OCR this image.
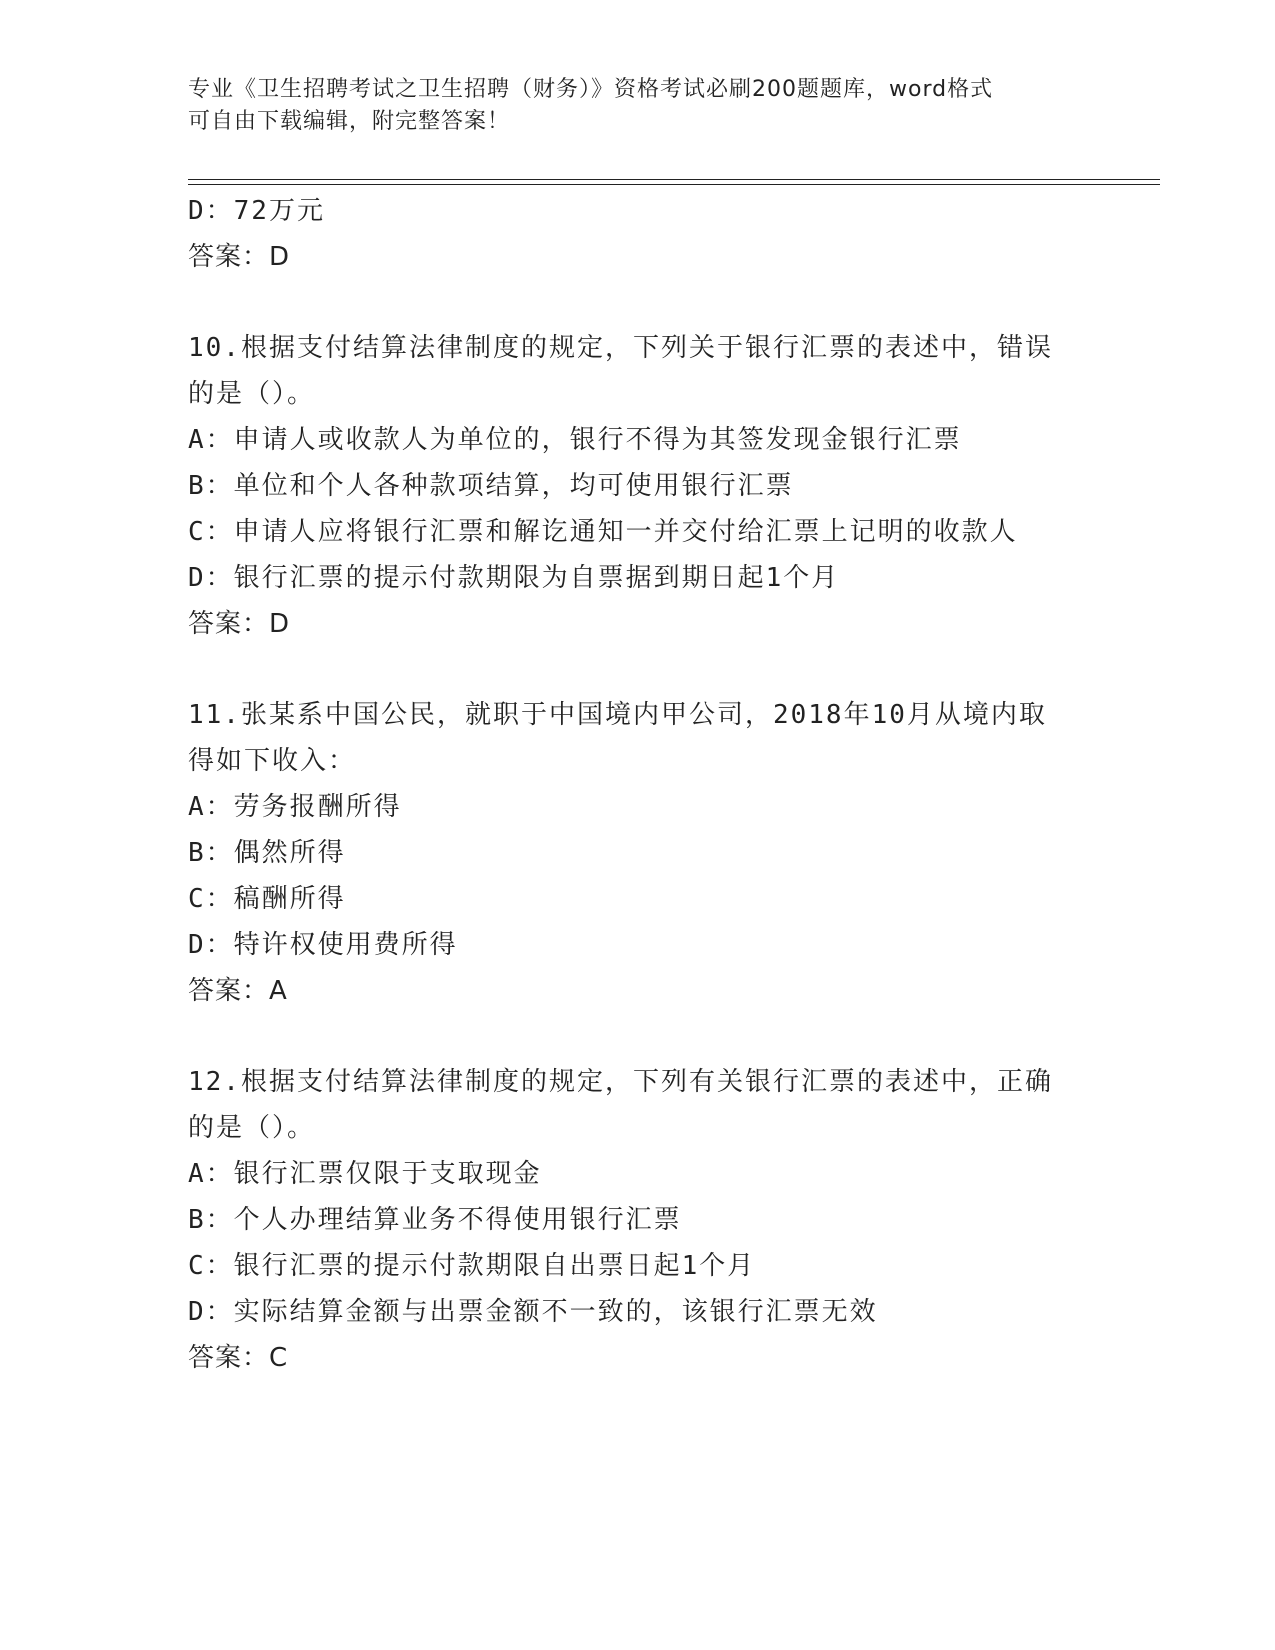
专业《卫生招聘考试之卫生招聘（财务）》资格考试必刷200题题库，word格式
可自由下载编辑，附完整答案！
D：72万元
答案：D
10.根据支付结算法律制度的规定，下列关于银行汇票的表述中，错误
的是（）。
A：申请人或收款人为单位的，银行不得为其签发现金银行汇票
B：单位和个人各种款项结算，均可使用银行汇票
C：申请人应将银行汇票和解讫通知一并交付给汇票上记明的收款人
D：银行汇票的提示付款期限为自票据到期日起1个月
答案：D
11.张某系中国公民，就职于中国境内甲公司，2018年10月从境内取
得如下收入：
A：劳务报酬所得
B：偶然所得
C：稿酬所得
D：特许权使用费所得
答案：A
12.根据支付结算法律制度的规定，下列有关银行汇票的表述中，正确
的是（）。
A：银行汇票仅限于支取现金
B：个人办理结算业务不得使用银行汇票
C：银行汇票的提示付款期限自出票日起1个月
D：实际结算金额与出票金额不一致的，该银行汇票无效
答案：C
